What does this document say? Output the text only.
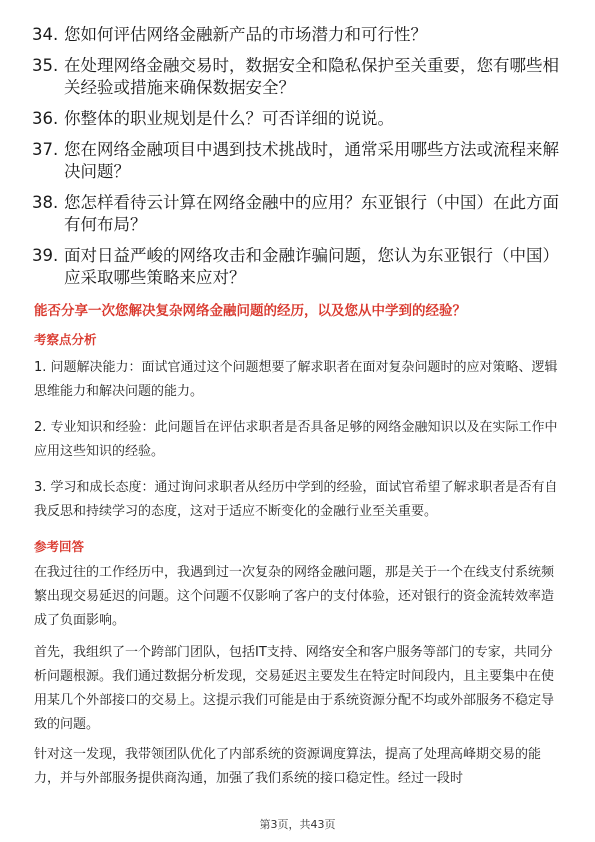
34. 您如何评估网络金融新产品的市场潜力和可行性？
35. 在处理网络金融交易时，数据安全和隐私保护至关重要，您有哪些相关经验或措施来确保数据安全？
36. 你整体的职业规划是什么？可否详细的说说。
37. 您在网络金融项目中遇到技术挑战时，通常采用哪些方法或流程来解决问题？
38. 您怎样看待云计算在网络金融中的应用？东亚银行（中国）在此方面有何布局？
39. 面对日益严峻的网络攻击和金融诈骗问题，您认为东亚银行（中国）应采取哪些策略来应对？
能否分享一次您解决复杂网络金融问题的经历，以及您从中学到的经验？
考察点分析

1. 问题解决能力：面试官通过这个问题想要了解求职者在面对复杂问题时的应对策略、逻辑思维能力和解决问题的能力。

2. 专业知识和经验：此问题旨在评估求职者是否具备足够的网络金融知识以及在实际工作中应用这些知识的经验。

3. 学习和成长态度：通过询问求职者从经历中学到的经验，面试官希望了解求职者是否有自我反思和持续学习的态度，这对于适应不断变化的金融行业至关重要。

参考回答

在我过往的工作经历中，我遇到过一次复杂的网络金融问题，那是关于一个在线支付系统频繁出现交易延迟的问题。这个问题不仅影响了客户的支付体验，还对银行的资金流转效率造成了负面影响。

首先，我组织了一个跨部门团队，包括IT支持、网络安全和客户服务等部门的专家，共同分析问题根源。我们通过数据分析发现，交易延迟主要发生在特定时间段内，且主要集中在使用某几个外部接口的交易上。这提示我们可能是由于系统资源分配不均或外部服务不稳定导致的问题。

针对这一发现，我带领团队优化了内部系统的资源调度算法，提高了处理高峰期交易的能力，并与外部服务提供商沟通，加强了我们系统的接口稳定性。经过一段时

第3页，共43页
